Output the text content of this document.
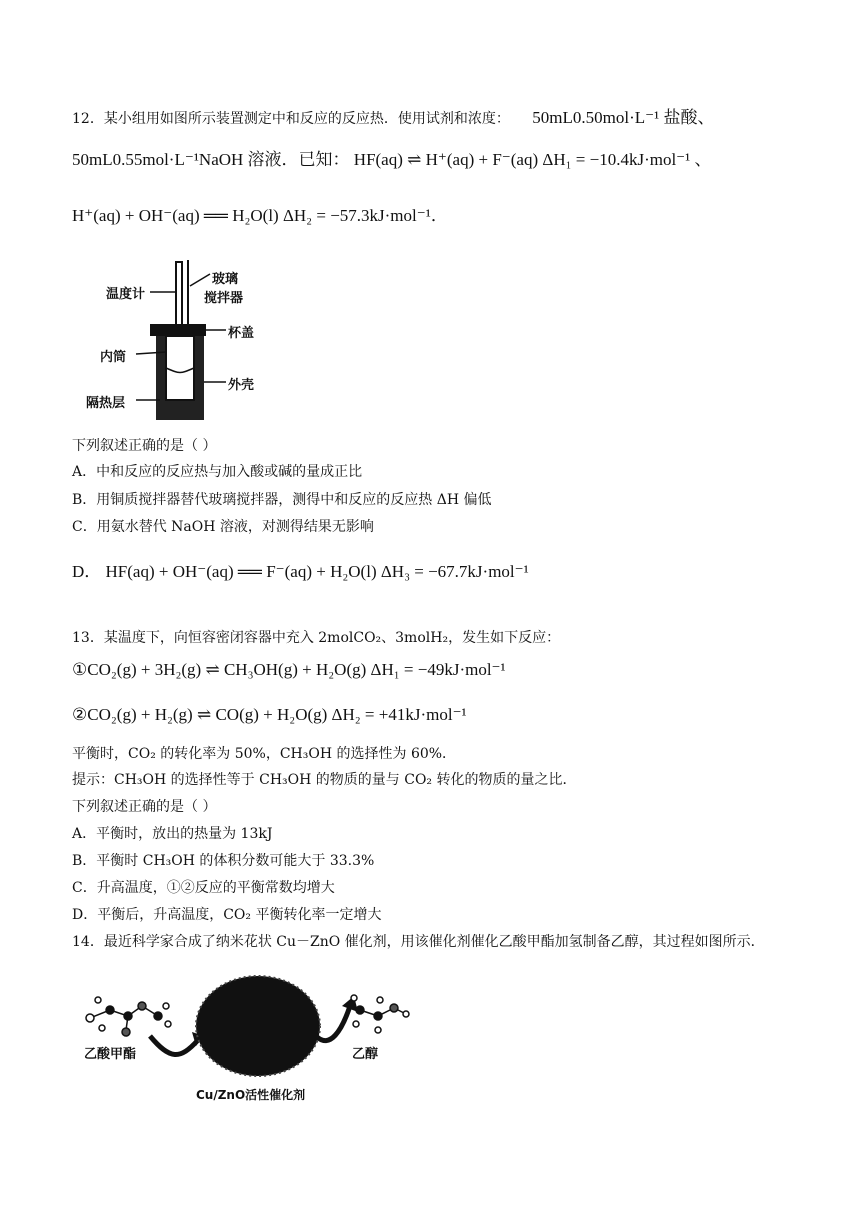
12．某小组用如图所示装置测定中和反应的反应热．使用试剂和浓度： 50mL0.50mol·L⁻¹ 盐酸、
50mL0.55mol·L⁻¹NaOH 溶液．已知： HF(aq) ⇌ H⁺(aq) + F⁻(aq) ΔH₁ = −10.4kJ·mol⁻¹ 、
H⁺(aq) + OH⁻(aq) ══ H₂O(l) ΔH₂ = −57.3kJ·mol⁻¹．
温度计
玻璃
搅拌器
杯盖
内筒
外壳
隔热层
下列叙述正确的是（ ）
A．中和反应的反应热与加入酸或碱的量成正比
B．用铜质搅拌器替代玻璃搅拌器，测得中和反应的反应热 ΔH 偏低
C．用氨水替代 NaOH 溶液，对测得结果无影响
D． HF(aq) + OH⁻(aq) ══ F⁻(aq) + H₂O(l) ΔH₃ = −67.7kJ·mol⁻¹
13．某温度下，向恒容密闭容器中充入 2molCO₂、3molH₂，发生如下反应：
①CO₂(g) + 3H₂(g) ⇌ CH₃OH(g) + H₂O(g) ΔH₁ = −49kJ·mol⁻¹
②CO₂(g) + H₂(g) ⇌ CO(g) + H₂O(g) ΔH₂ = +41kJ·mol⁻¹
平衡时，CO₂ 的转化率为 50%，CH₃OH 的选择性为 60%．
提示：CH₃OH 的选择性等于 CH₃OH 的物质的量与 CO₂ 转化的物质的量之比．
下列叙述正确的是（ ）
A．平衡时，放出的热量为 13kJ
B．平衡时 CH₃OH 的体积分数可能大于 33.3%
C．升高温度，①②反应的平衡常数均增大
D．平衡后，升高温度，CO₂ 平衡转化率一定增大
14．最近科学家合成了纳米花状 Cu－ZnO 催化剂，用该催化剂催化乙酸甲酯加氢制备乙醇，其过程如图所示．
乙酸甲酯	乙醇
Cu/ZnO活性催化剂
